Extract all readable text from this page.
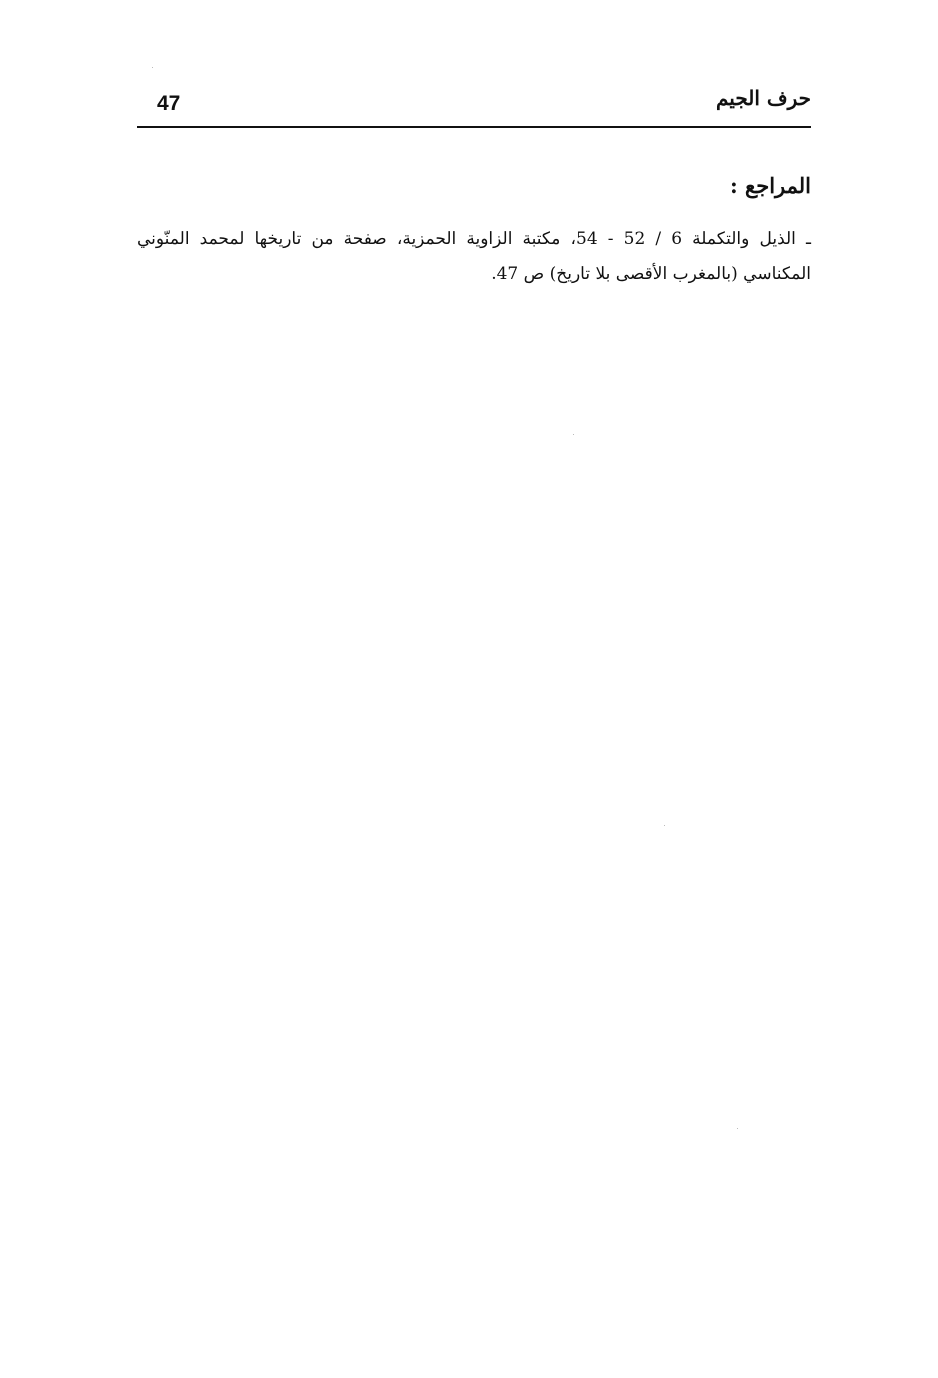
47	حرف الجيم
المراجع :

ـ الذيل والتكملة 6 / 52 - 54، مكتبة الزاوية الحمزية، صفحة من تاريخها لمحمد المنّوني المكناسي (بالمغرب الأقصى بلا تاريخ) ص 47.
